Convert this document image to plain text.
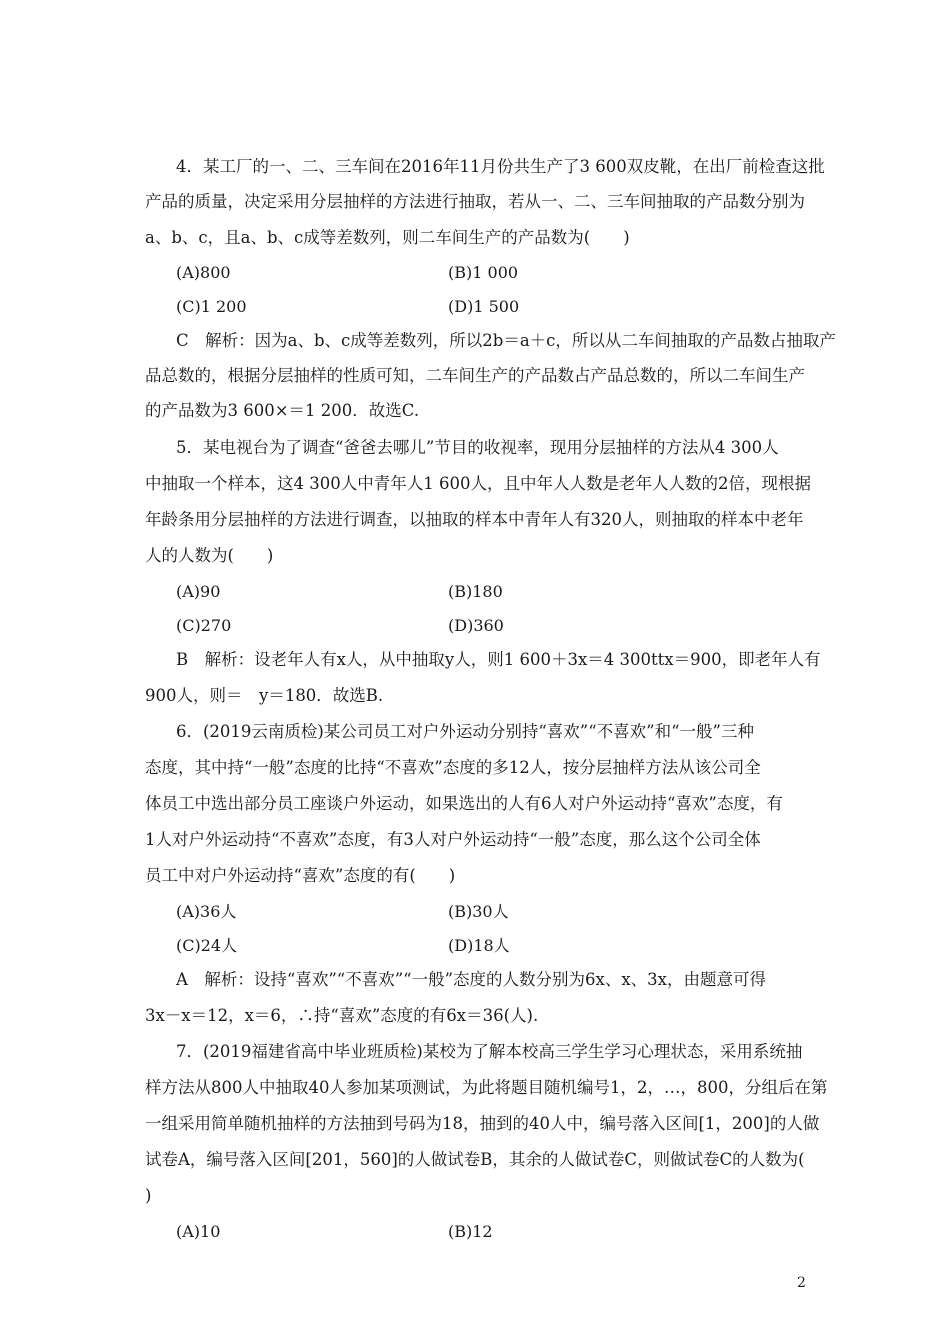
4．某工厂的一、二、三车间在2016年11月份共生产了3 600双皮靴，在出厂前检查这批
产品的质量，决定采用分层抽样的方法进行抽取，若从一、二、三车间抽取的产品数分别为
a、b、c，且a、b、c成等差数列，则二车间生产的产品数为(　　)
(A)800	(B)1 000
(C)1 200	(D)1 500
C　解析：因为a、b、c成等差数列，所以2b＝a＋c，所以从二车间抽取的产品数占抽取产
品总数的，根据分层抽样的性质可知，二车间生产的产品数占产品总数的，所以二车间生产
的产品数为3 600×＝1 200．故选C.
5．某电视台为了调查“爸爸去哪儿”节目的收视率，现用分层抽样的方法从4 300人
中抽取一个样本，这4 300人中青年人1 600人，且中年人人数是老年人人数的2倍，现根据
年龄条用分层抽样的方法进行调查，以抽取的样本中青年人有320人，则抽取的样本中老年
人的人数为(　　)
(A)90	(B)180
(C)270	(D)360
B　解析：设老年人有x人，从中抽取y人，则1 600＋3x＝4 300ttx＝900，即老年人有
900人，则＝　y＝180．故选B.
6．(2019云南质检)某公司员工对户外运动分别持“喜欢”“不喜欢”和“一般”三种
态度，其中持“一般”态度的比持“不喜欢”态度的多12人，按分层抽样方法从该公司全
体员工中选出部分员工座谈户外运动，如果选出的人有6人对户外运动持“喜欢”态度，有
1人对户外运动持“不喜欢”态度，有3人对户外运动持“一般”态度，那么这个公司全体
员工中对户外运动持“喜欢”态度的有(　　)
(A)36人	(B)30人
(C)24人	(D)18人
A　解析：设持“喜欢”“不喜欢”“一般”态度的人数分别为6x、x、3x，由题意可得
3x－x＝12，x＝6，∴持“喜欢”态度的有6x＝36(人).
7．(2019福建省高中毕业班质检)某校为了解本校高三学生学习心理状态，采用系统抽
样方法从800人中抽取40人参加某项测试，为此将题目随机编号1，2，…，800，分组后在第
一组采用简单随机抽样的方法抽到号码为18，抽到的40人中，编号落入区间[1，200]的人做
试卷A，编号落入区间[201，560]的人做试卷B，其余的人做试卷C，则做试卷C的人数为(
)
(A)10	(B)12
2
